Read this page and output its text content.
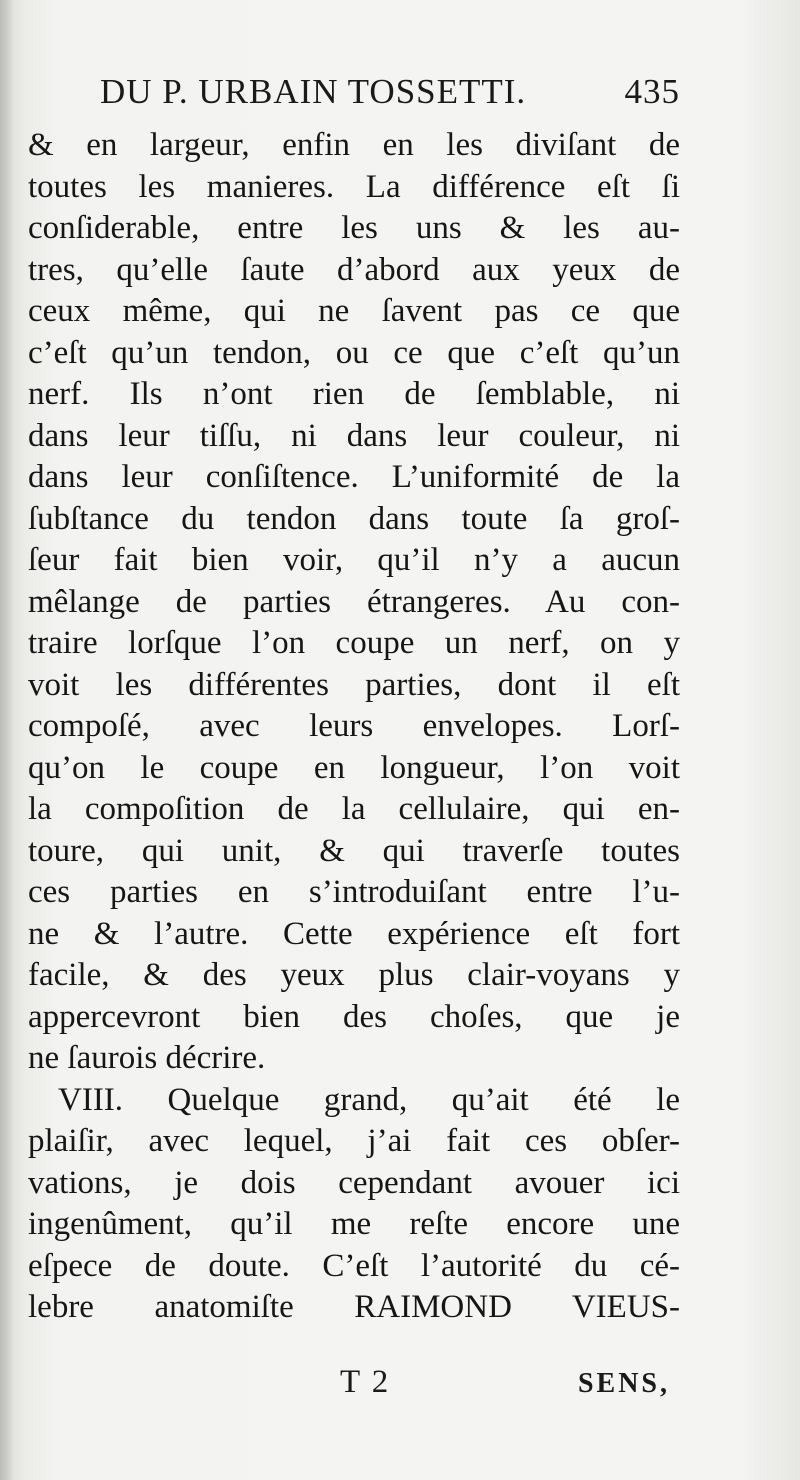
DU P. URBAIN TOSSETTI.	435
& en largeur, enfin en les diviſant de
toutes les manieres. La différence eſt ſi
conſiderable, entre les uns & les au-
tres, qu’elle ſaute d’abord aux yeux de
ceux même, qui ne ſavent pas ce que
c’eſt qu’un tendon, ou ce que c’eſt qu’un
nerf. Ils n’ont rien de ſemblable, ni
dans leur tiſſu, ni dans leur couleur, ni
dans leur conſiſtence. L’uniformité de la
ſubſtance du tendon dans toute ſa groſ-
ſeur fait bien voir, qu’il n’y a aucun
mêlange de parties étrangeres. Au con-
traire lorſque l’on coupe un nerf, on y
voit les différentes parties, dont il eſt
compoſé, avec leurs envelopes. Lorſ-
qu’on le coupe en longueur, l’on voit
la compoſition de la cellulaire, qui en-
toure, qui unit, & qui traverſe toutes
ces parties en s’introduiſant entre l’u-
ne & l’autre. Cette expérience eſt fort
facile, & des yeux plus clair-voyans y
appercevront bien des choſes, que je
ne ſaurois décrire.
VIII. Quelque grand, qu’ait été le
plaiſir, avec lequel, j’ai fait ces obſer-
vations, je dois cependant avouer ici
ingenûment, qu’il me reſte encore une
eſpece de doute. C’eſt l’autorité du cé-
lebre anatomiſte RAIMOND VIEUS-
T 2	SENS,
